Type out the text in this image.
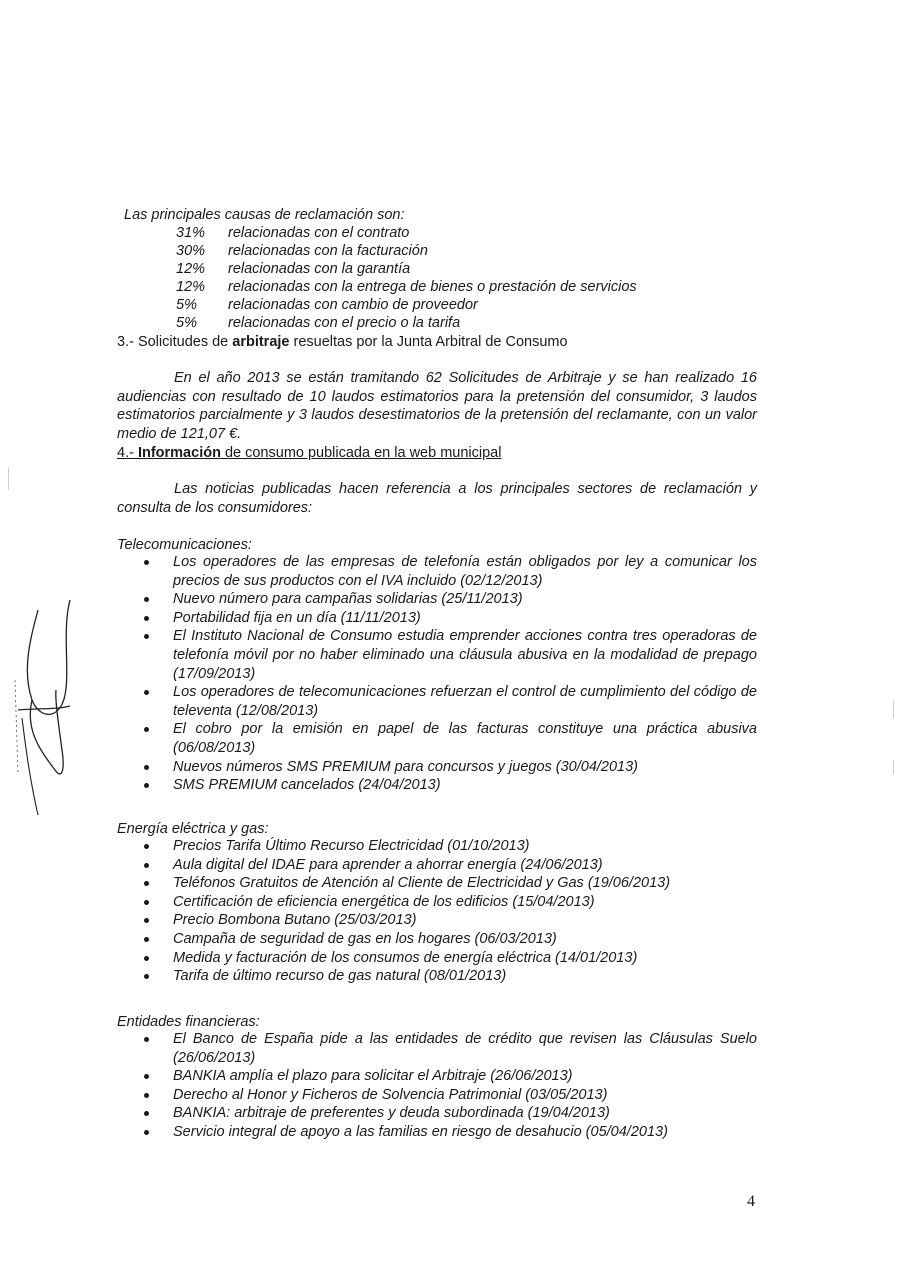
Las principales causas de reclamación son:
31% relacionadas con el contrato
30% relacionadas con la facturación
12% relacionadas con la garantía
12% relacionadas con la entrega de bienes o prestación de servicios
5% relacionadas con cambio de proveedor
5% relacionadas con el precio o la tarifa
3.- Solicitudes de arbitraje resueltas por la Junta Arbitral de Consumo
En el año 2013 se están tramitando 62 Solicitudes de Arbitraje y se han realizado 16 audiencias con resultado de 10 laudos estimatorios para la pretensión del consumidor, 3 laudos estimatorios parcialmente y 3 laudos desestimatorios de la pretensión del reclamante, con un valor medio de 121,07 €.
4.- Información de consumo publicada en la web municipal
Las noticias publicadas hacen referencia a los principales sectores de reclamación y consulta de los consumidores:
Telecomunicaciones:
Los operadores de las empresas de telefonía están obligados por ley a comunicar los precios de sus productos con el IVA incluido (02/12/2013)
Nuevo número para campañas solidarias (25/11/2013)
Portabilidad fija en un día (11/11/2013)
El Instituto Nacional de Consumo estudia emprender acciones contra tres operadoras de telefonía móvil por no haber eliminado una cláusula abusiva en la modalidad de prepago (17/09/2013)
Los operadores de telecomunicaciones refuerzan el control de cumplimiento del código de televenta (12/08/2013)
El cobro por la emisión en papel de las facturas constituye una práctica abusiva (06/08/2013)
Nuevos números SMS PREMIUM para concursos y juegos (30/04/2013)
SMS PREMIUM cancelados (24/04/2013)
Energía eléctrica y gas:
Precios Tarifa Último Recurso Electricidad (01/10/2013)
Aula digital del IDAE para aprender a ahorrar energía (24/06/2013)
Teléfonos Gratuitos de Atención al Cliente de Electricidad y Gas (19/06/2013)
Certificación de eficiencia energética de los edificios (15/04/2013)
Precio Bombona Butano (25/03/2013)
Campaña de seguridad de gas en los hogares (06/03/2013)
Medida y facturación de los consumos de energía eléctrica (14/01/2013)
Tarifa de último recurso de gas natural (08/01/2013)
Entidades financieras:
El Banco de España pide a las entidades de crédito que revisen las Cláusulas Suelo (26/06/2013)
BANKIA amplía el plazo para solicitar el Arbitraje (26/06/2013)
Derecho al Honor y Ficheros de Solvencia Patrimonial (03/05/2013)
BANKIA: arbitraje de preferentes y deuda subordinada (19/04/2013)
Servicio integral de apoyo a las familias en riesgo de desahucio (05/04/2013)
4
